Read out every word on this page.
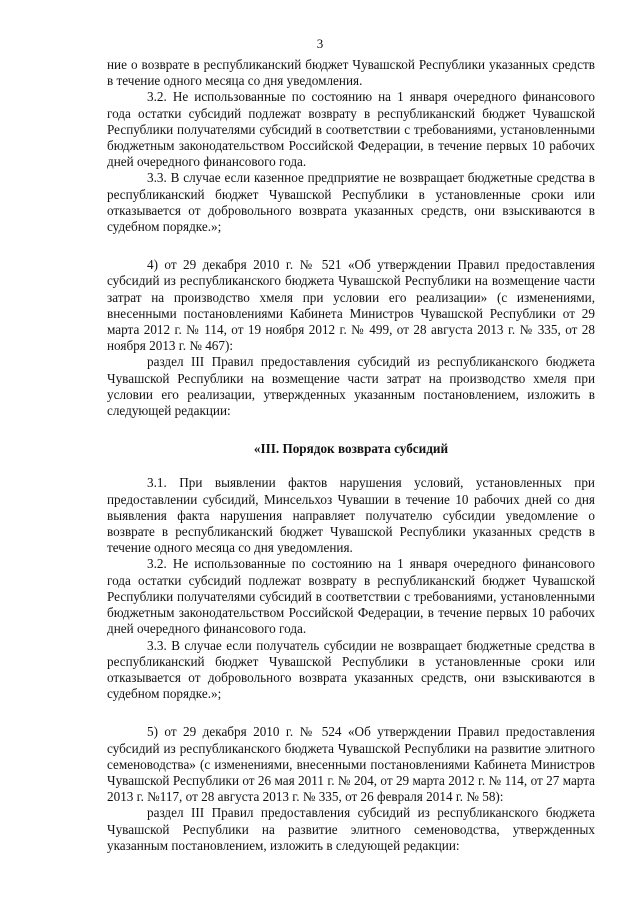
3

ние о возврате в республиканский бюджет Чувашской Республики указанных средств в течение одного месяца со дня уведомления.

3.2. Не использованные по состоянию на 1 января очередного финансового года остатки субсидий подлежат возврату в республиканский бюджет Чувашской Республики получателями субсидий в соответствии с требованиями, установленными бюджетным законодательством Российской Федерации, в течение первых 10 рабочих дней очередного финансового года.

3.3. В случае если казенное предприятие не возвращает бюджетные средства в республиканский бюджет Чувашской Республики в установленные сроки или отказывается от добровольного возврата указанных средств, они взыскиваются в судебном порядке.»;

4) от 29 декабря 2010 г. № 521 «Об утверждении Правил предоставления субсидий из республиканского бюджета Чувашской Республики на возмещение части затрат на производство хмеля при условии его реализации» (с изменениями, внесенными постановлениями Кабинета Министров Чувашской Республики от 29 марта 2012 г. № 114, от 19 ноября 2012 г. № 499, от 28 августа 2013 г. № 335, от 28 ноября 2013 г. № 467):

раздел III Правил предоставления субсидий из республиканского бюджета Чувашской Республики на возмещение части затрат на производство хмеля при условии его реализации, утвержденных указанным постановлением, изложить в следующей редакции:

«III. Порядок возврата субсидий

3.1. При выявлении фактов нарушения условий, установленных при предоставлении субсидий, Минсельхоз Чувашии в течение 10 рабочих дней со дня выявления факта нарушения направляет получателю субсидии уведомление о возврате в республиканский бюджет Чувашской Республики указанных средств в течение одного месяца со дня уведомления.

3.2. Не использованные по состоянию на 1 января очередного финансового года остатки субсидий подлежат возврату в республиканский бюджет Чувашской Республики получателями субсидий в соответствии с требованиями, установленными бюджетным законодательством Российской Федерации, в течение первых 10 рабочих дней очередного финансового года.

3.3. В случае если получатель субсидии не возвращает бюджетные средства в республиканский бюджет Чувашской Республики в установленные сроки или отказывается от добровольного возврата указанных средств, они взыскиваются в судебном порядке.»;

5) от 29 декабря 2010 г. № 524 «Об утверждении Правил предоставления субсидий из республиканского бюджета Чувашской Республики на развитие элитного семеноводства» (с изменениями, внесенными постановлениями Кабинета Министров Чувашской Республики от 26 мая 2011 г. № 204, от 29 марта 2012 г. № 114, от 27 марта 2013 г. №117, от 28 августа 2013 г. № 335, от 26 февраля 2014 г. № 58):

раздел III Правил предоставления субсидий из республиканского бюджета Чувашской Республики на развитие элитного семеноводства, утвержденных указанным постановлением, изложить в следующей редакции:
